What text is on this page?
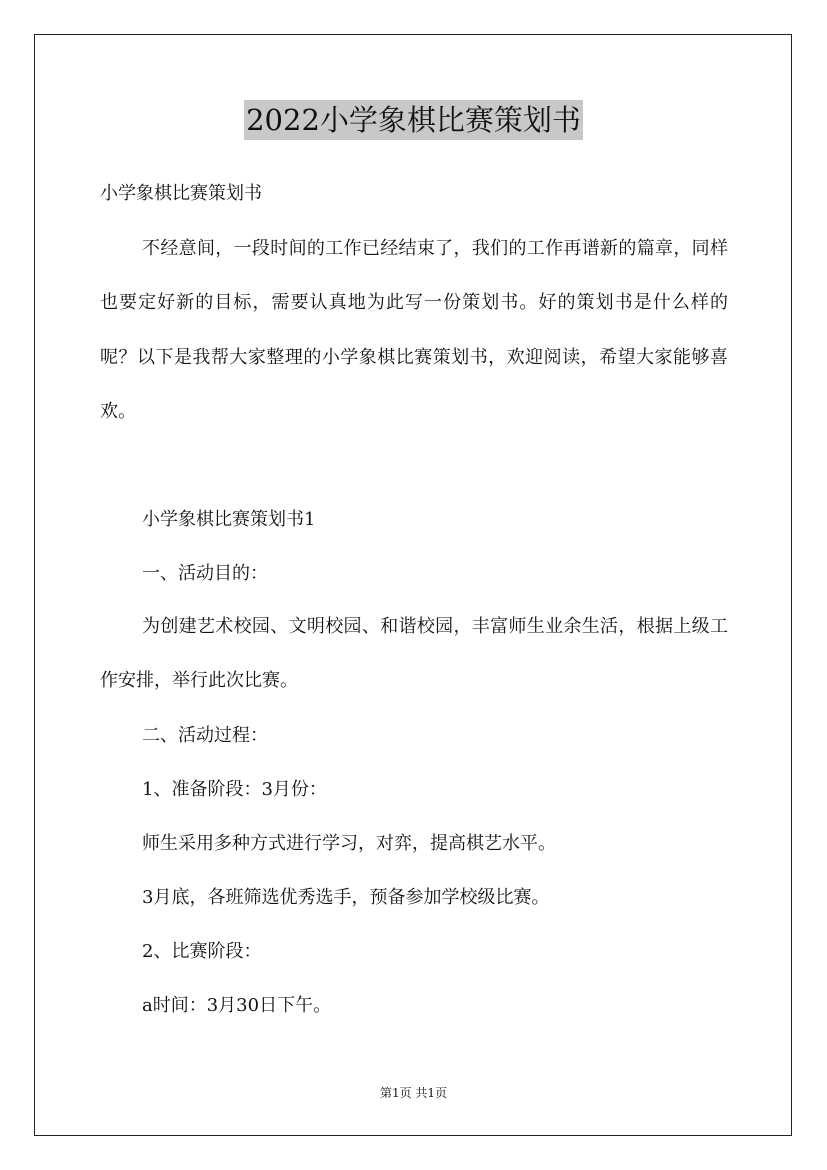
2022小学象棋比赛策划书
小学象棋比赛策划书
不经意间，一段时间的工作已经结束了，我们的工作再谱新的篇章，同样也要定好新的目标，需要认真地为此写一份策划书。好的策划书是什么样的呢？以下是我帮大家整理的小学象棋比赛策划书，欢迎阅读，希望大家能够喜欢。
小学象棋比赛策划书1
一、活动目的：
为创建艺术校园、文明校园、和谐校园，丰富师生业余生活，根据上级工作安排，举行此次比赛。
二、活动过程：
1、准备阶段：3月份：
师生采用多种方式进行学习，对弈，提高棋艺水平。
3月底，各班筛选优秀选手，预备参加学校级比赛。
2、比赛阶段：
a时间：3月30日下午。
第1页 共1页
